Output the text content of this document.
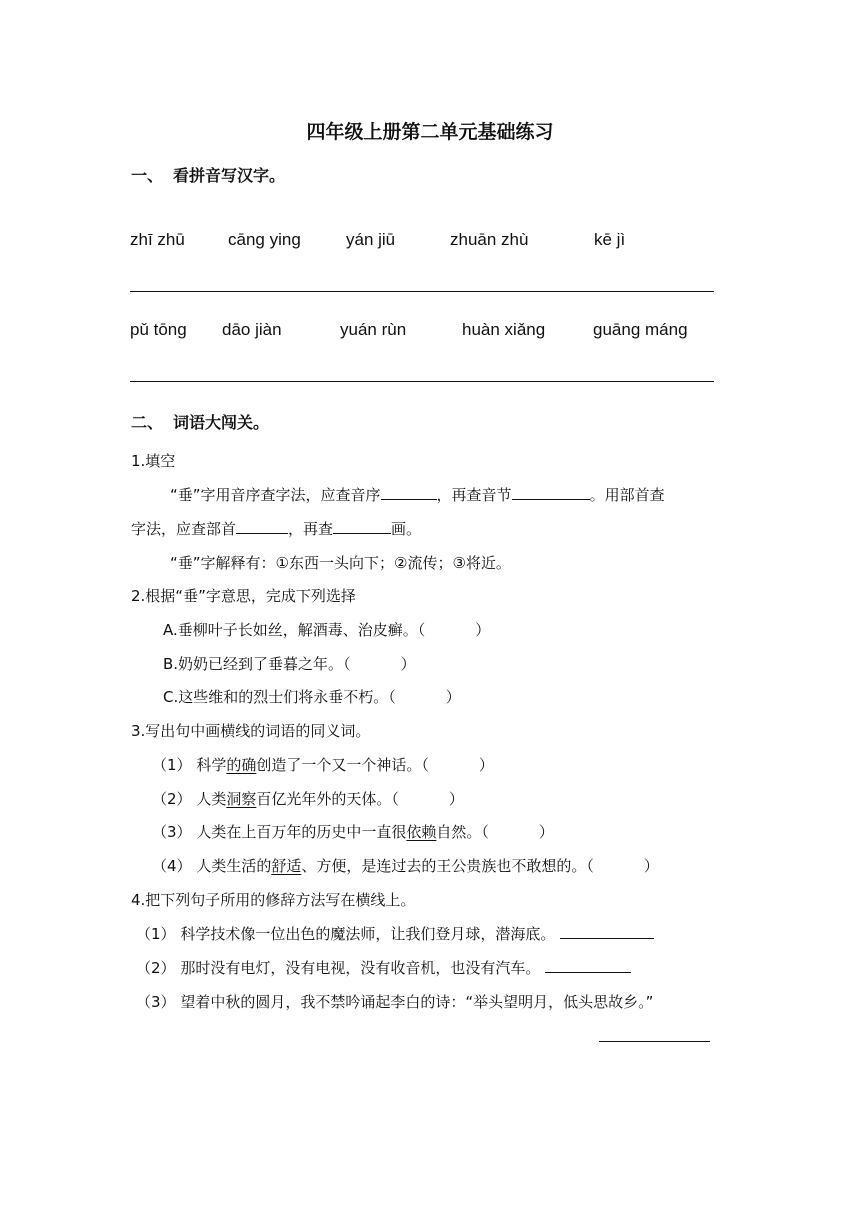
四年级上册第二单元基础练习
一、 看拼音写汉字。
zhī zhū	cāng ying	yán jiū	zhuān zhù	kē jì
pǔ tōng dāo jiàn	yuán rùn	huàn xiǎng	guāng máng
二、 词语大闯关。
1.填空
“垂”字用音序查字法，应查音序	，再查音节	。用部首查
字法，应查部首	，再查	画。
“垂”字解释有：①东西一头向下；②流传；③将近。
2.根据“垂”字意思，完成下列选择
A.垂柳叶子长如丝，解酒毒、治皮癣。（	）
B.奶奶已经到了垂暮之年。（	）
C.这些维和的烈士们将永垂不朽。（	）
3.写出句中画横线的词语的同义词。
（1） 科学的确创造了一个又一个神话。（	）
（2） 人类洞察百亿光年外的天体。（	）
（3） 人类在上百万年的历史中一直很依赖自然。（	）
（4） 人类生活的舒适、方便，是连过去的王公贵族也不敢想的。（	）
4.把下列句子所用的修辞方法写在横线上。
（1） 科学技术像一位出色的魔法师，让我们登月球，潜海底。
（2） 那时没有电灯，没有电视，没有收音机，也没有汽车。
（3） 望着中秋的圆月，我不禁吟诵起李白的诗：“举头望明月，低头思故乡。”
